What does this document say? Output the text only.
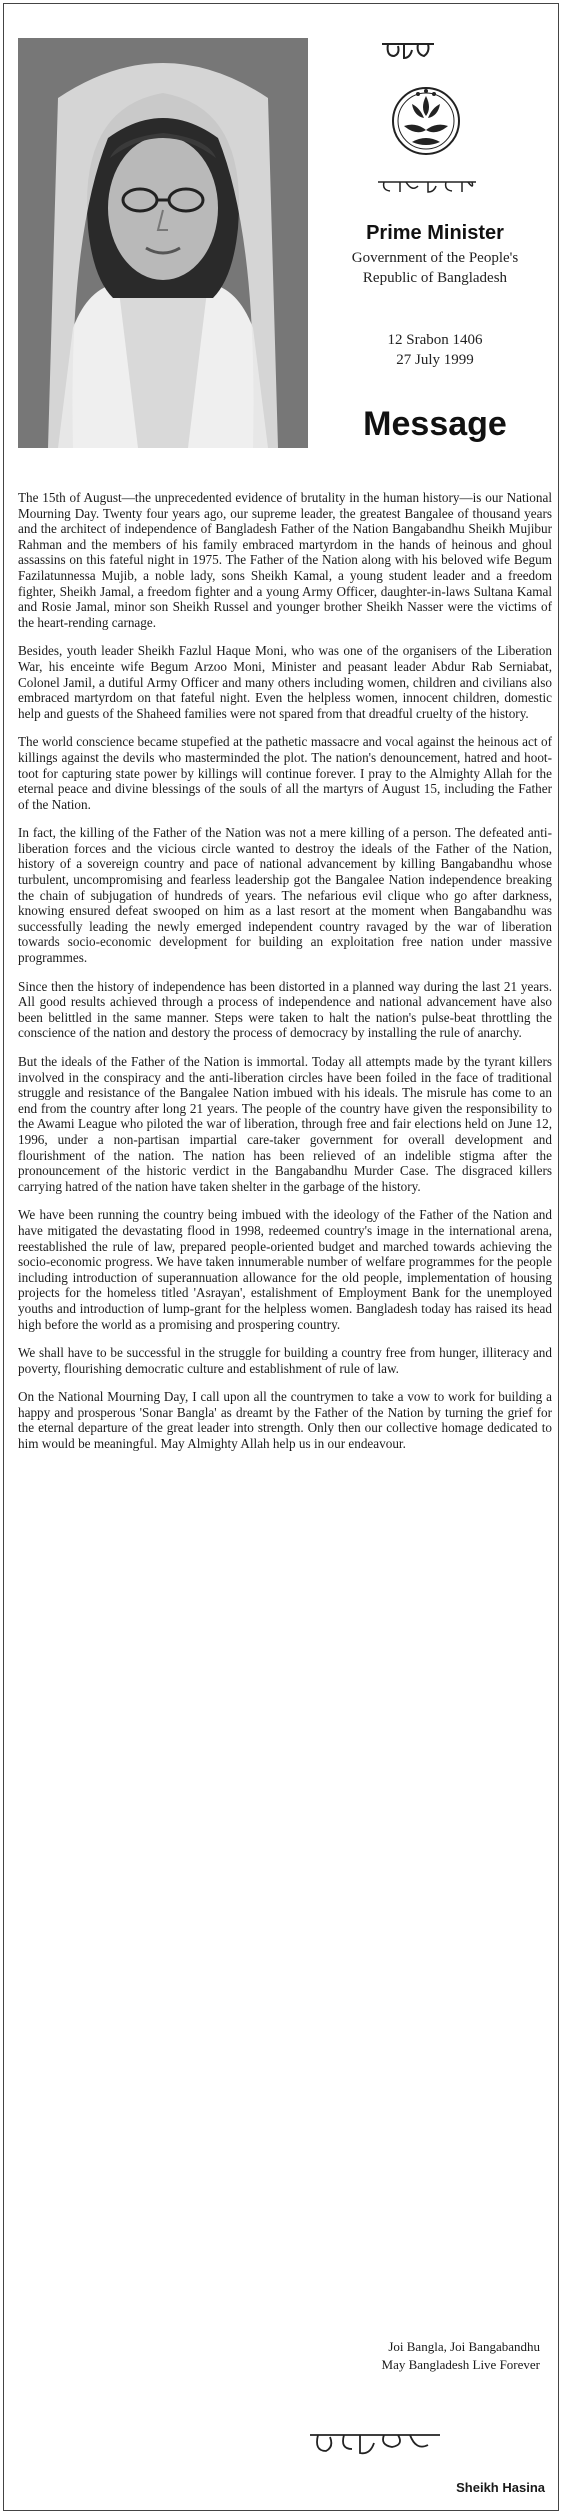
Prime Minister
Government of the People's
Republic of Bangladesh
12 Srabon 1406
27 July 1999
Message

The 15th of August—the unprecedented evidence of brutality in the human history—is our National Mourning Day. Twenty four years ago, our supreme leader, the greatest Bangalee of thousand years and the architect of independence of Bangladesh Father of the Nation Bangabandhu Sheikh Mujibur Rahman and the members of his family embraced martyrdom in the hands of heinous and ghoul assassins on this fateful night in 1975. The Father of the Nation along with his beloved wife Begum Fazilatunnessa Mujib, a noble lady, sons Sheikh Kamal, a young student leader and a freedom fighter, Sheikh Jamal, a freedom fighter and a young Army Officer, daughter-in-laws Sultana Kamal and Rosie Jamal, minor son Sheikh Russel and younger brother Sheikh Nasser were the victims of the heart-rending carnage.

Besides, youth leader Sheikh Fazlul Haque Moni, who was one of the organisers of the Liberation War, his enceinte wife Begum Arzoo Moni, Minister and peasant leader Abdur Rab Serniabat, Colonel Jamil, a dutiful Army Officer and many others including women, children and civilians also embraced martyrdom on that fateful night. Even the helpless women, innocent children, domestic help and guests of the Shaheed families were not spared from that dreadful cruelty of the history.

The world conscience became stupefied at the pathetic massacre and vocal against the heinous act of killings against the devils who masterminded the plot. The nation's denouncement, hatred and hoot-toot for capturing state power by killings will continue forever. I pray to the Almighty Allah for the eternal peace and divine blessings of the souls of all the martyrs of August 15, including the Father of the Nation.

In fact, the killing of the Father of the Nation was not a mere killing of a person. The defeated anti-liberation forces and the vicious circle wanted to destroy the ideals of the Father of the Nation, history of a sovereign country and pace of national advancement by killing Bangabandhu whose turbulent, uncompromising and fearless leadership got the Bangalee Nation independence breaking the chain of subjugation of hundreds of years. The nefarious evil clique who go after darkness, knowing ensured defeat swooped on him as a last resort at the moment when Bangabandhu was successfully leading the newly emerged independent country ravaged by the war of liberation towards socio-economic development for building an exploitation free nation under massive programmes.

Since then the history of independence has been distorted in a planned way during the last 21 years. All good results achieved through a process of independence and national advancement have also been belittled in the same manner. Steps were taken to halt the nation's pulse-beat throttling the conscience of the nation and destory the process of democracy by installing the rule of anarchy.

But the ideals of the Father of the Nation is immortal. Today all attempts made by the tyrant killers involved in the conspiracy and the anti-liberation circles have been foiled in the face of traditional struggle and resistance of the Bangalee Nation imbued with his ideals. The misrule has come to an end from the country after long 21 years. The people of the country have given the responsibility to the Awami League who piloted the war of liberation, through free and fair elections held on June 12, 1996, under a non-partisan impartial care-taker government for overall development and flourishment of the nation. The nation has been relieved of an indelible stigma after the pronouncement of the historic verdict in the Bangabandhu Murder Case. The disgraced killers carrying hatred of the nation have taken shelter in the garbage of the history.

We have been running the country being imbued with the ideology of the Father of the Nation and have mitigated the devastating flood in 1998, redeemed country's image in the international arena, reestablished the rule of law, prepared people-oriented budget and marched towards achieving the socio-economic progress. We have taken innumerable number of welfare programmes for the people including introduction of superannuation allowance for the old people, implementation of housing projects for the homeless titled 'Asrayan', estalishment of Employment Bank for the unemployed youths and introduction of lump-grant for the helpless women. Bangladesh today has raised its head high before the world as a promising and prospering country.

We shall have to be successful in the struggle for building a country free from hunger, illiteracy and poverty, flourishing democratic culture and establishment of rule of law.

On the National Mourning Day, I call upon all the countrymen to take a vow to work for building a happy and prosperous 'Sonar Bangla' as dreamt by the Father of the Nation by turning the grief for the eternal departure of the great leader into strength. Only then our collective homage dedicated to him would be meaningful. May Almighty Allah help us in our endeavour.

Joi Bangla, Joi Bangabandhu
May Bangladesh Live Forever
Sheikh Hasina
